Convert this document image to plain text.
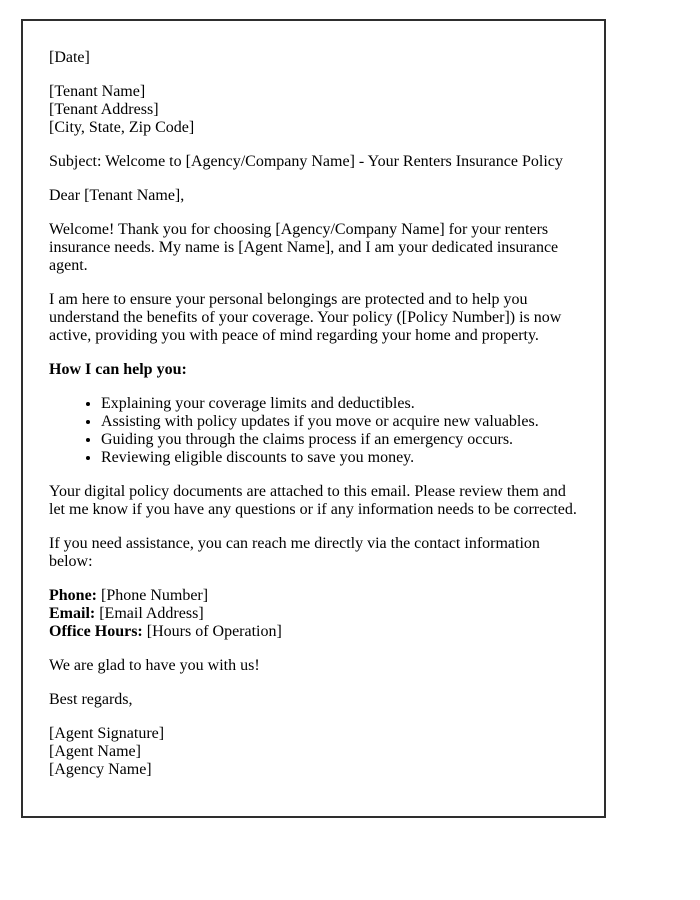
[Date]

[Tenant Name]
[Tenant Address]
[City, State, Zip Code]

Subject: Welcome to [Agency/Company Name] - Your Renters Insurance Policy

Dear [Tenant Name],

Welcome! Thank you for choosing [Agency/Company Name] for your renters insurance needs. My name is [Agent Name], and I am your dedicated insurance agent.

I am here to ensure your personal belongings are protected and to help you understand the benefits of your coverage. Your policy ([Policy Number]) is now active, providing you with peace of mind regarding your home and property.

How I can help you:

• Explaining your coverage limits and deductibles.
• Assisting with policy updates if you move or acquire new valuables.
• Guiding you through the claims process if an emergency occurs.
• Reviewing eligible discounts to save you money.

Your digital policy documents are attached to this email. Please review them and let me know if you have any questions or if any information needs to be corrected.

If you need assistance, you can reach me directly via the contact information below:

Phone: [Phone Number]
Email: [Email Address]
Office Hours: [Hours of Operation]

We are glad to have you with us!

Best regards,

[Agent Signature]
[Agent Name]
[Agency Name]
